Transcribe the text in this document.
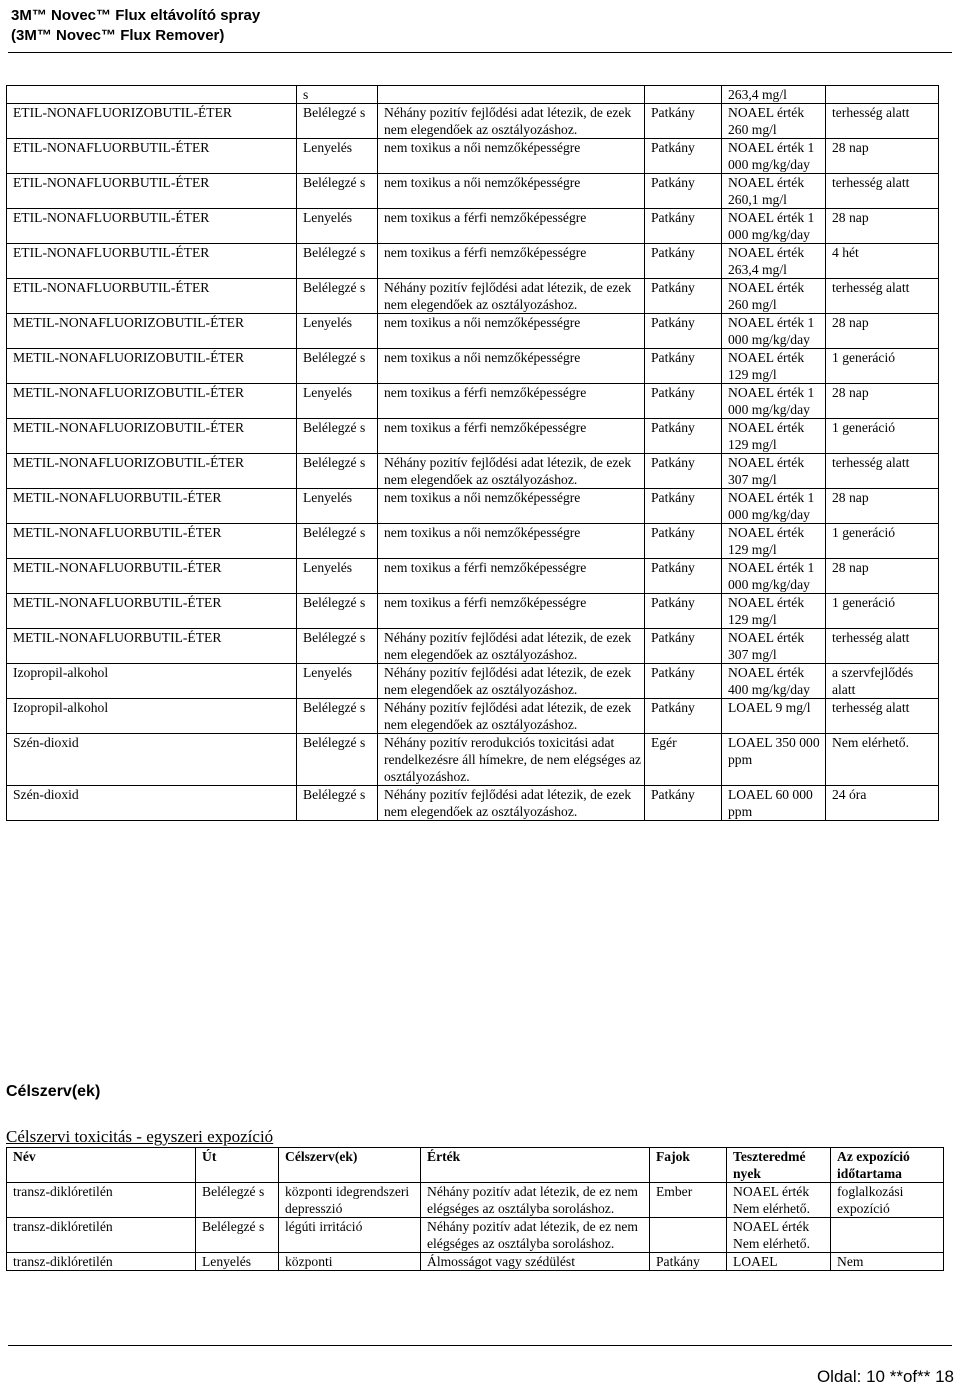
3M™ Novec™ Flux eltávolító spray
(3M™ Novec™ Flux Remover)
	s			263,4 mg/l	
ETIL-NONAFLUORIZOBUTIL-ÉTER	Belélegzé s	Néhány pozitív fejlődési adat létezik, de ezek nem elegendőek az osztályozáshoz.	Patkány	NOAEL érték 260 mg/l	terhesség alatt
ETIL-NONAFLUORBUTIL-ÉTER	Lenyelés	nem toxikus a női nemzőképességre	Patkány	NOAEL érték 1 000 mg/kg/day	28 nap
ETIL-NONAFLUORBUTIL-ÉTER	Belélegzé s	nem toxikus a női nemzőképességre	Patkány	NOAEL érték 260,1 mg/l	terhesség alatt
ETIL-NONAFLUORBUTIL-ÉTER	Lenyelés	nem toxikus a férfi nemzőképességre	Patkány	NOAEL érték 1 000 mg/kg/day	28 nap
ETIL-NONAFLUORBUTIL-ÉTER	Belélegzé s	nem toxikus a férfi nemzőképességre	Patkány	NOAEL érték 263,4 mg/l	4 hét
ETIL-NONAFLUORBUTIL-ÉTER	Belélegzé s	Néhány pozitív fejlődési adat létezik, de ezek nem elegendőek az osztályozáshoz.	Patkány	NOAEL érték 260 mg/l	terhesség alatt
METIL-NONAFLUORIZOBUTIL-ÉTER	Lenyelés	nem toxikus a női nemzőképességre	Patkány	NOAEL érték 1 000 mg/kg/day	28 nap
METIL-NONAFLUORIZOBUTIL-ÉTER	Belélegzé s	nem toxikus a női nemzőképességre	Patkány	NOAEL érték 129 mg/l	1 generáció
METIL-NONAFLUORIZOBUTIL-ÉTER	Lenyelés	nem toxikus a férfi nemzőképességre	Patkány	NOAEL érték 1 000 mg/kg/day	28 nap
METIL-NONAFLUORIZOBUTIL-ÉTER	Belélegzé s	nem toxikus a férfi nemzőképességre	Patkány	NOAEL érték 129 mg/l	1 generáció
METIL-NONAFLUORIZOBUTIL-ÉTER	Belélegzé s	Néhány pozitív fejlődési adat létezik, de ezek nem elegendőek az osztályozáshoz.	Patkány	NOAEL érték 307 mg/l	terhesség alatt
METIL-NONAFLUORBUTIL-ÉTER	Lenyelés	nem toxikus a női nemzőképességre	Patkány	NOAEL érték 1 000 mg/kg/day	28 nap
METIL-NONAFLUORBUTIL-ÉTER	Belélegzé s	nem toxikus a női nemzőképességre	Patkány	NOAEL érték 129 mg/l	1 generáció
METIL-NONAFLUORBUTIL-ÉTER	Lenyelés	nem toxikus a férfi nemzőképességre	Patkány	NOAEL érték 1 000 mg/kg/day	28 nap
METIL-NONAFLUORBUTIL-ÉTER	Belélegzé s	nem toxikus a férfi nemzőképességre	Patkány	NOAEL érték 129 mg/l	1 generáció
METIL-NONAFLUORBUTIL-ÉTER	Belélegzé s	Néhány pozitív fejlődési adat létezik, de ezek nem elegendőek az osztályozáshoz.	Patkány	NOAEL érték 307 mg/l	terhesség alatt
Izopropil-alkohol	Lenyelés	Néhány pozitív fejlődési adat létezik, de ezek nem elegendőek az osztályozáshoz.	Patkány	NOAEL érték 400 mg/kg/day	a szervfejlődés alatt
Izopropil-alkohol	Belélegzé s	Néhány pozitív fejlődési adat létezik, de ezek nem elegendőek az osztályozáshoz.	Patkány	LOAEL 9 mg/l	terhesség alatt
Szén-dioxid	Belélegzé s	Néhány pozitív rerodukciós toxicitási adat rendelkezésre áll hímekre, de nem elégséges az osztályozáshoz.	Egér	LOAEL 350 000 ppm	Nem elérhető.
Szén-dioxid	Belélegzé s	Néhány pozitív fejlődési adat létezik, de ezek nem elegendőek az osztályozáshoz.	Patkány	LOAEL 60 000 ppm	24 óra
Célszerv(ek)
Célszervi toxicitás - egyszeri expozíció
Név	Út	Célszerv(ek)	Érték	Fajok	Teszteredmé nyek	Az expozíció időtartama
transz-diklóretilén	Belélegzé s	központi idegrendszeri depresszió	Néhány pozitív adat létezik, de ez nem elégséges az osztályba soroláshoz.	Ember	NOAEL érték Nem elérhető.	foglalkozási expozíció
transz-diklóretilén	Belélegzé s	légúti irritáció	Néhány pozitív adat létezik, de ez nem elégséges az osztályba soroláshoz.		NOAEL érték Nem elérhető.	
transz-diklóretilén	Lenyelés	központi	Álmosságot vagy szédülést	Patkány	LOAEL	Nem
Oldal: 10 **of** 18
